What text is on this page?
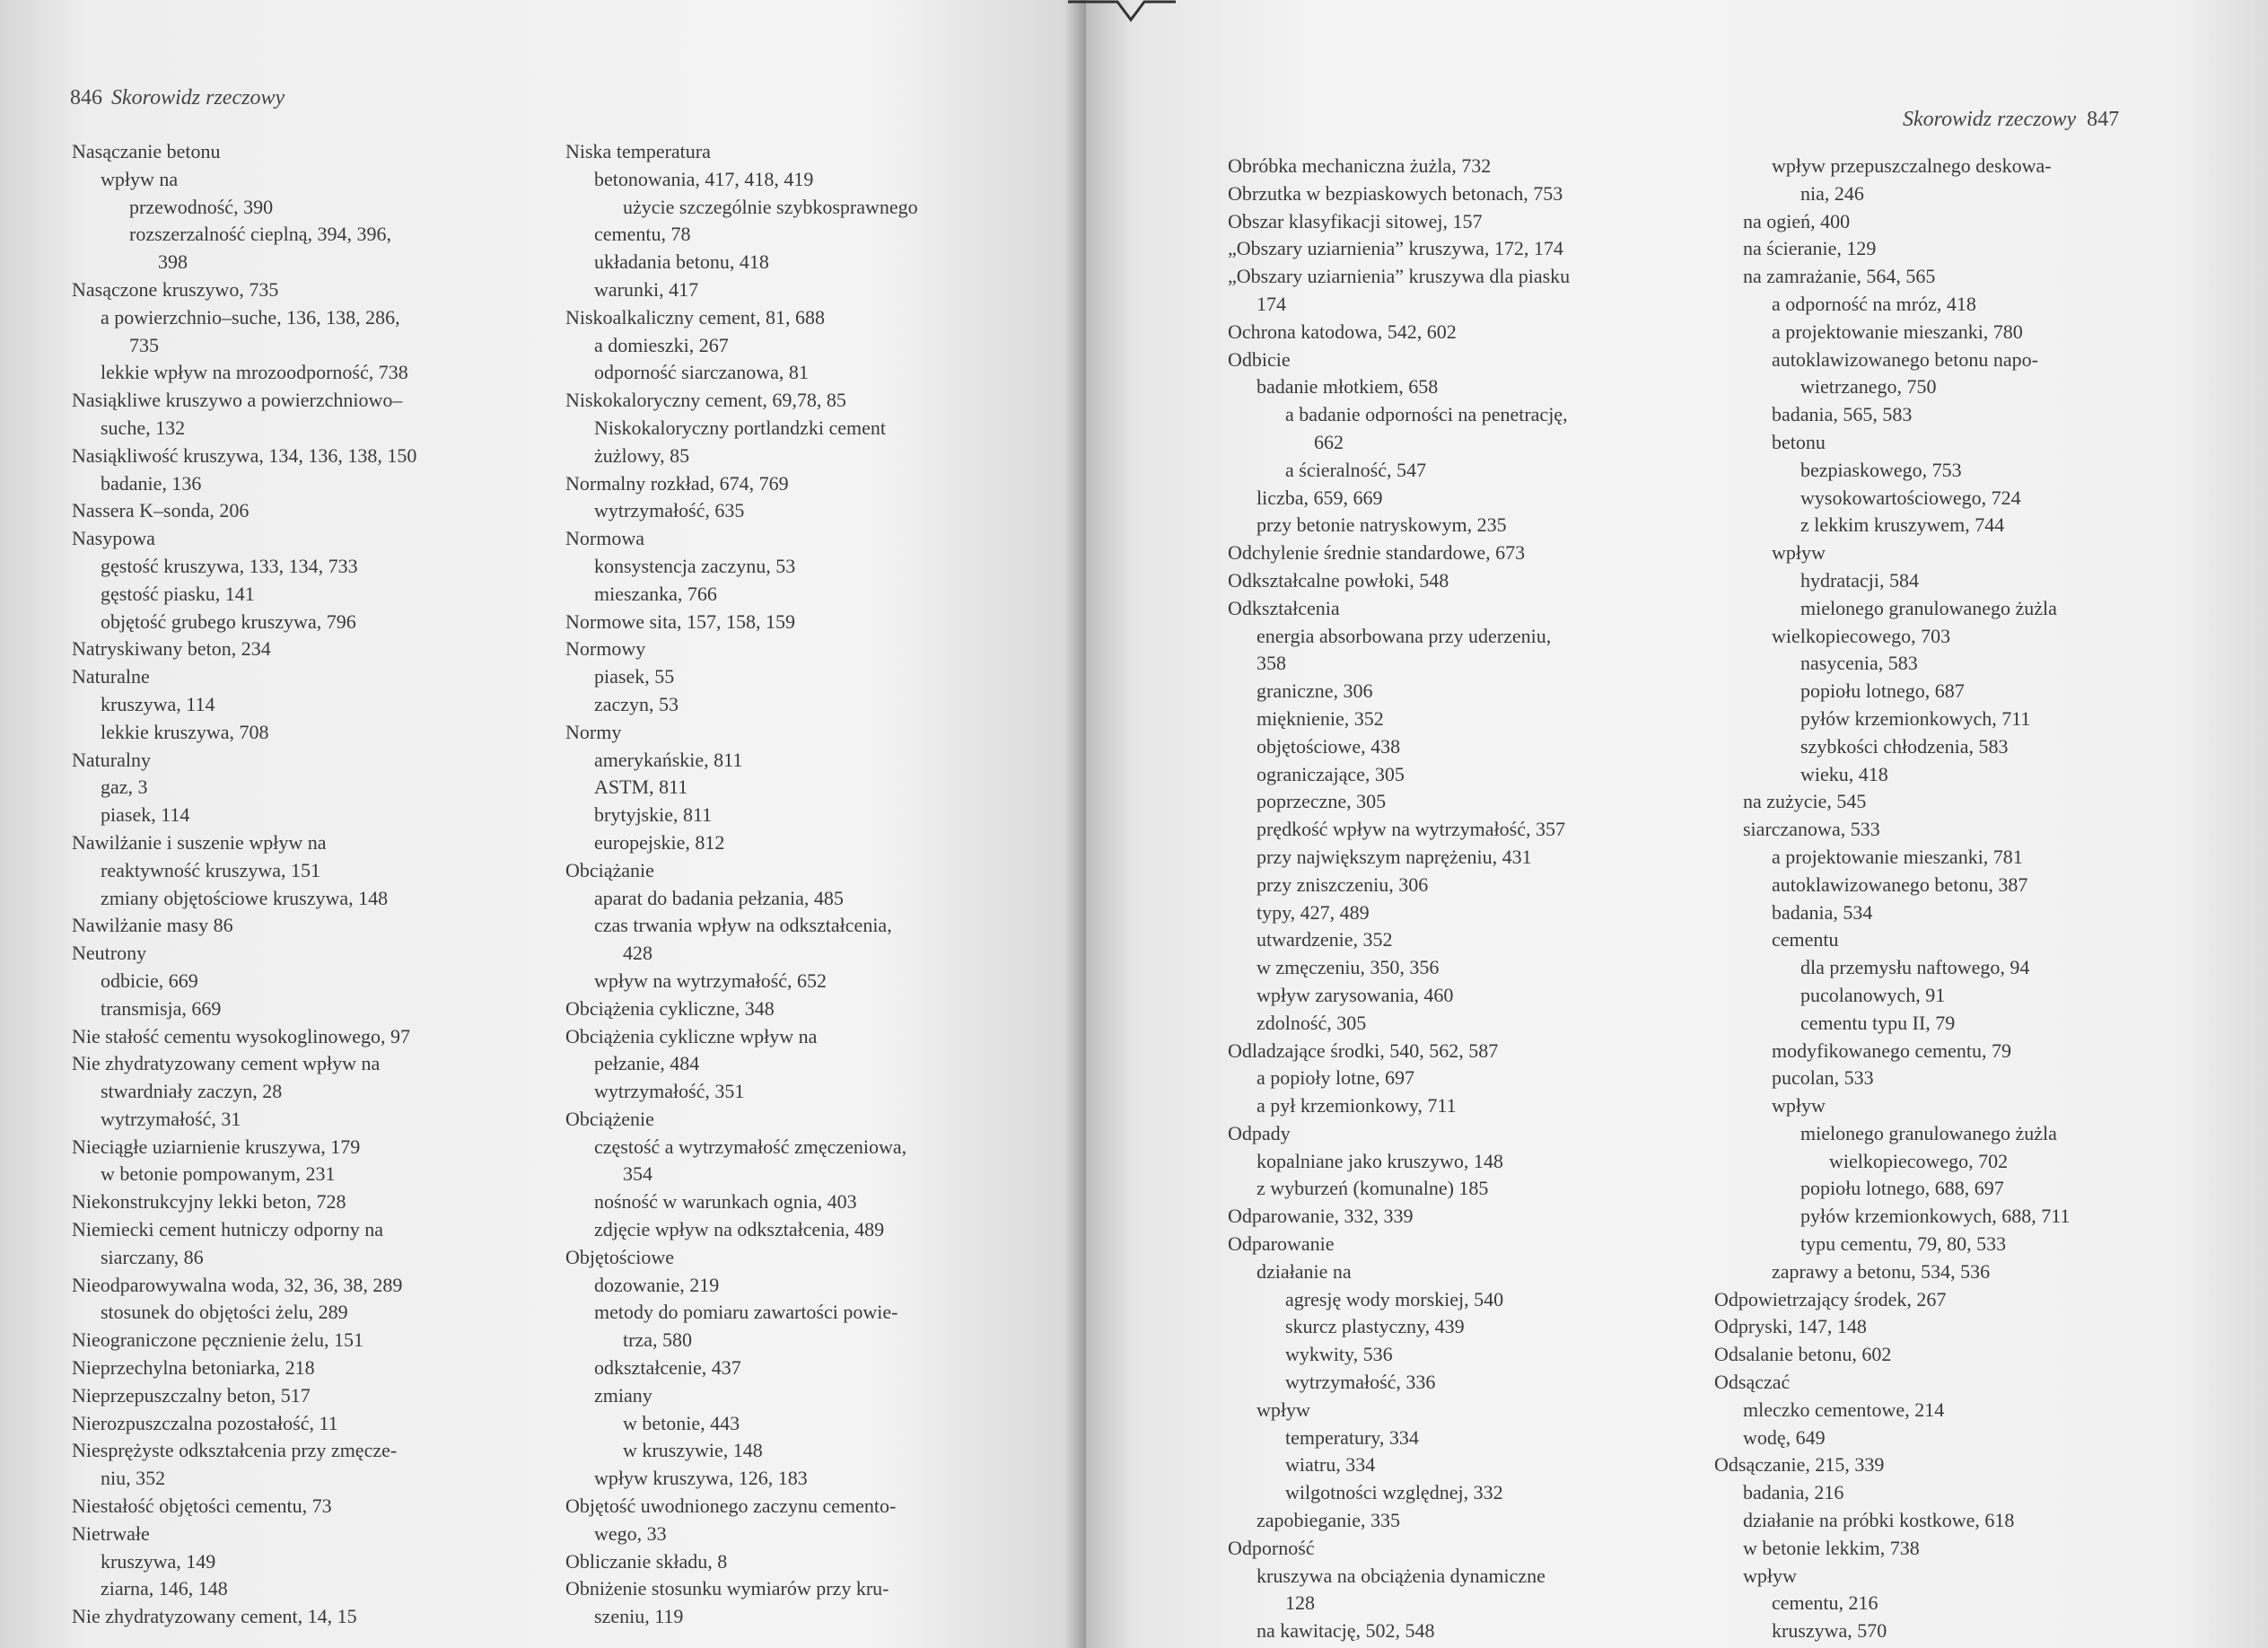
846 Skorowidz rzeczowy
Nasączanie betonu
wpływ na
przewodność, 390
rozszerzalność cieplną, 394, 396,
398
Nasączone kruszywo, 735
a powierzchnio–suche, 136, 138, 286,
735
lekkie wpływ na mrozoodporność, 738
Nasiąkliwe kruszywo a powierzchniowo–
suche, 132
Nasiąkliwość kruszywa, 134, 136, 138, 150
badanie, 136
Nassera K–sonda, 206
Nasypowa
gęstość kruszywa, 133, 134, 733
gęstość piasku, 141
objętość grubego kruszywa, 796
Natryskiwany beton, 234
Naturalne
kruszywa, 114
lekkie kruszywa, 708
Naturalny
gaz, 3
piasek, 114
Nawilżanie i suszenie wpływ na
reaktywność kruszywa, 151
zmiany objętościowe kruszywa, 148
Nawilżanie masy 86
Neutrony
odbicie, 669
transmisja, 669
Nie stałość cementu wysokoglinowego, 97
Nie zhydratyzowany cement wpływ na
stwardniały zaczyn, 28
wytrzymałość, 31
Nieciągłe uziarnienie kruszywa, 179
w betonie pompowanym, 231
Niekonstrukcyjny lekki beton, 728
Niemiecki cement hutniczy odporny na
siarczany, 86
Nieodparowywalna woda, 32, 36, 38, 289
stosunek do objętości żelu, 289
Nieograniczone pęcznienie żelu, 151
Nieprzechylna betoniarka, 218
Nieprzepuszczalny beton, 517
Nierozpuszczalna pozostałość, 11
Niesprężyste odkształcenia przy zmęcze-
niu, 352
Niestałość objętości cementu, 73
Nietrwałe
kruszywa, 149
ziarna, 146, 148
Nie zhydratyzowany cement, 14, 15
Niska temperatura
betonowania, 417, 418, 419
użycie szczególnie szybkosprawnego
cementu, 78
układania betonu, 418
warunki, 417
Niskoalkaliczny cement, 81, 688
a domieszki, 267
odporność siarczanowa, 81
Niskokaloryczny cement, 69,78, 85
Niskokaloryczny portlandzki cement
żużlowy, 85
Normalny rozkład, 674, 769
wytrzymałość, 635
Normowa
konsystencja zaczynu, 53
mieszanka, 766
Normowe sita, 157, 158, 159
Normowy
piasek, 55
zaczyn, 53
Normy
amerykańskie, 811
ASTM, 811
brytyjskie, 811
europejskie, 812
Obciążanie
aparat do badania pełzania, 485
czas trwania wpływ na odkształcenia,
428
wpływ na wytrzymałość, 652
Obciążenia cykliczne, 348
Obciążenia cykliczne wpływ na
pełzanie, 484
wytrzymałość, 351
Obciążenie
częstość a wytrzymałość zmęczeniowa,
354
nośność w warunkach ognia, 403
zdjęcie wpływ na odkształcenia, 489
Objętościowe
dozowanie, 219
metody do pomiaru zawartości powie-
trza, 580
odkształcenie, 437
zmiany
w betonie, 443
w kruszywie, 148
wpływ kruszywa, 126, 183
Objętość uwodnionego zaczynu cemento-
wego, 33
Obliczanie składu, 8
Obniżenie stosunku wymiarów przy kru-
szeniu, 119
Skorowidz rzeczowy 847
Obróbka mechaniczna żużla, 732
Obrzutka w bezpiaskowych betonach, 753
Obszar klasyfikacji sitowej, 157
„Obszary uziarnienia” kruszywa, 172, 174
„Obszary uziarnienia” kruszywa dla piasku
174
Ochrona katodowa, 542, 602
Odbicie
badanie młotkiem, 658
a badanie odporności na penetrację,
662
a ścieralność, 547
liczba, 659, 669
przy betonie natryskowym, 235
Odchylenie średnie standardowe, 673
Odkształcalne powłoki, 548
Odkształcenia
energia absorbowana przy uderzeniu,
358
graniczne, 306
mięknienie, 352
objętościowe, 438
ograniczające, 305
poprzeczne, 305
prędkość wpływ na wytrzymałość, 357
przy największym naprężeniu, 431
przy zniszczeniu, 306
typy, 427, 489
utwardzenie, 352
w zmęczeniu, 350, 356
wpływ zarysowania, 460
zdolność, 305
Odladzające środki, 540, 562, 587
a popioły lotne, 697
a pył krzemionkowy, 711
Odpady
kopalniane jako kruszywo, 148
z wyburzeń (komunalne) 185
Odparowanie, 332, 339
Odparowanie
działanie na
agresję wody morskiej, 540
skurcz plastyczny, 439
wykwity, 536
wytrzymałość, 336
wpływ
temperatury, 334
wiatru, 334
wilgotności względnej, 332
zapobieganie, 335
Odporność
kruszywa na obciążenia dynamiczne
128
na kawitację, 502, 548
wpływ przepuszczalnego deskowa-
nia, 246
na ogień, 400
na ścieranie, 129
na zamrażanie, 564, 565
a odporność na mróz, 418
a projektowanie mieszanki, 780
autoklawizowanego betonu napo-
wietrzanego, 750
badania, 565, 583
betonu
bezpiaskowego, 753
wysokowartościowego, 724
z lekkim kruszywem, 744
wpływ
hydratacji, 584
mielonego granulowanego żużla
wielkopiecowego, 703
nasycenia, 583
popiołu lotnego, 687
pyłów krzemionkowych, 711
szybkości chłodzenia, 583
wieku, 418
na zużycie, 545
siarczanowa, 533
a projektowanie mieszanki, 781
autoklawizowanego betonu, 387
badania, 534
cementu
dla przemysłu naftowego, 94
pucolanowych, 91
cementu typu II, 79
modyfikowanego cementu, 79
pucolan, 533
wpływ
mielonego granulowanego żużla
wielkopiecowego, 702
popiołu lotnego, 688, 697
pyłów krzemionkowych, 688, 711
typu cementu, 79, 80, 533
zaprawy a betonu, 534, 536
Odpowietrzający środek, 267
Odpryski, 147, 148
Odsalanie betonu, 602
Odsączać
mleczko cementowe, 214
wodę, 649
Odsączanie, 215, 339
badania, 216
działanie na próbki kostkowe, 618
w betonie lekkim, 738
wpływ
cementu, 216
kruszywa, 570
